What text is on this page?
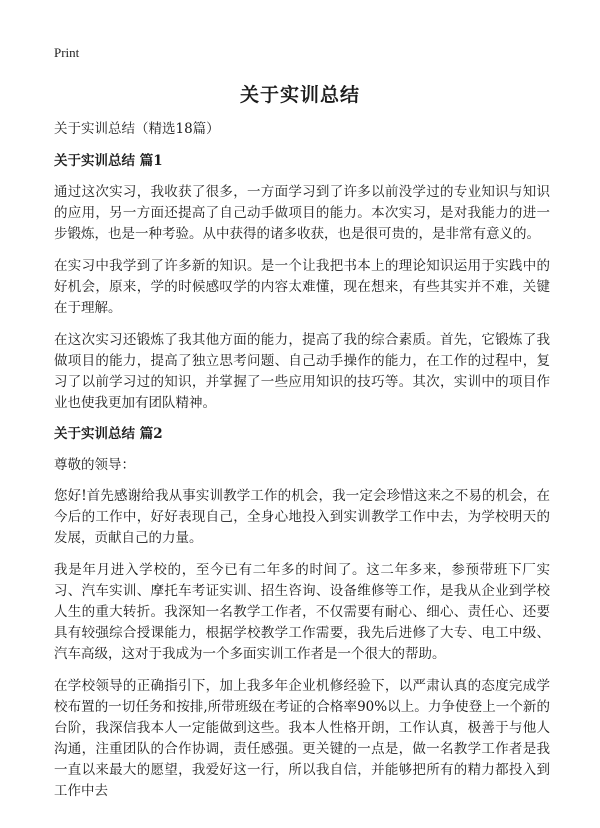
Print
关于实训总结

关于实训总结（精选18篇）

关于实训总结 篇1

通过这次实习，我收获了很多，一方面学习到了许多以前没学过的专业知识与知识的应用，另一方面还提高了自己动手做项目的能力。本次实习，是对我能力的进一步锻炼，也是一种考验。从中获得的诸多收获，也是很可贵的，是非常有意义的。

在实习中我学到了许多新的知识。是一个让我把书本上的理论知识运用于实践中的好机会，原来，学的时候感叹学的内容太难懂，现在想来，有些其实并不难，关键在于理解。

在这次实习还锻炼了我其他方面的能力，提高了我的综合素质。首先，它锻炼了我做项目的能力，提高了独立思考问题、自己动手操作的能力，在工作的过程中，复习了以前学习过的知识，并掌握了一些应用知识的技巧等。其次，实训中的项目作业也使我更加有团队精神。

关于实训总结 篇2

尊敬的领导：

您好!首先感谢给我从事实训教学工作的机会，我一定会珍惜这来之不易的机会，在今后的工作中，好好表现自己，全身心地投入到实训教学工作中去，为学校明天的发展，贡献自己的力量。

我是年月进入学校的，至今已有二年多的时间了。这二年多来，参预带班下厂实习、汽车实训、摩托车考证实训、招生咨询、设备维修等工作，是我从企业到学校人生的重大转折。我深知一名教学工作者，不仅需要有耐心、细心、责任心、还要具有较强综合授课能力，根据学校教学工作需要，我先后进修了大专、电工中级、汽车高级，这对于我成为一个多面实训工作者是一个很大的帮助。

在学校领导的正确指引下，加上我多年企业机修经验下，以严肃认真的态度完成学校布置的一切任务和按排,所带班级在考证的合格率90%以上。力争使登上一个新的台阶，我深信我本人一定能做到这些。我本人性格开朗，工作认真，极善于与他人沟通，注重团队的合作协调，责任感强。更关键的一点是，做一名教学工作者是我一直以来最大的愿望，我爱好这一行，所以我自信，并能够把所有的精力都投入到工作中去
